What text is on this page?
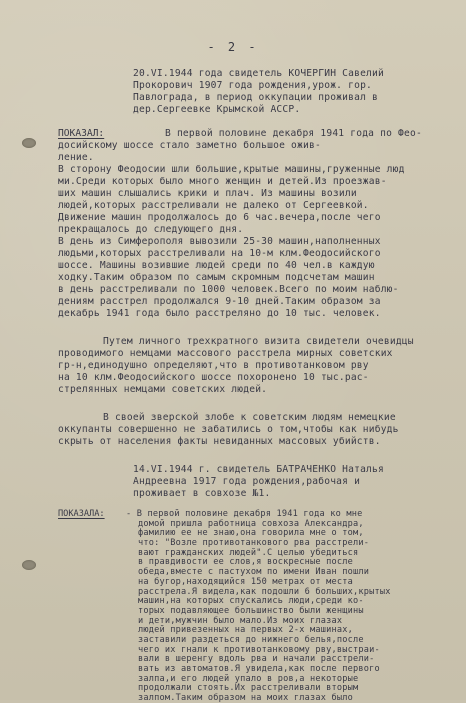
- 2 -
20.VI.1944 года свидетель КОЧЕРГИН Савелий
Прокорович 1907 года рождения,урож. гор.
Павлограда, в период оккупации проживал в
дер.Сергеевке Крымской АССР.
ПОКАЗАЛ:	В первой половине декабря 1941 года по Фео-
досийскому шоссе стало заметно большое ожив-
ление.
В сторону Феодосии шли большие,крытые машины,груженные люд
ми.Среди которых было много женщин и детей.Из проезжав-
ших машин слышались крики и плач. Из машины возили
людей,которых расстреливали не далеко от Сергеевкой.
Движение машин продолжалось до 6 час.вечера,после чего
прекращалось до следующего дня.
В день из Симферополя вывозили 25-30 машин,наполненных
людьми,которых расстреливали на 10-м клм.Феодосийского
шоссе. Машины возившие людей среди по 40 чел.в каждую
ходку.Таким образом по самым скромным подсчетам машин
в день расстреливали по 1000 человек.Всего по моим наблю-
дениям расстрел продолжался 9-10 дней.Таким образом за
декабрь 1941 года было расстреляно до 10 тыс. человек.
Путем личного трехкратного визита свидетели очевидцы
проводимого немцами массового расстрела мирных советских
гр-н,единодушно определяют,что в противотанковом рву
на 10 клм.Феодосийского шоссе похоронено 10 тыс.рас-
стрелянных немцами советских людей.
В своей зверской злобе к советским людям немецкие
оккупанты совершенно не забатились о том,чтобы как нибудь
скрыть от населения факты невиданных массовых убийств.
14.VI.1944 г. свидетель БАТРАЧЕНКО Наталья
Андреевна 1917 года рождения,рабочая и
проживает в совхозе №1.
ПОКАЗАЛА: - В первой половине декабря 1941 года ко мне
домой пришла работница совхоза Александра,
фамилию ее не знаю,она говорила мне о том,
что: "Возле противотанкового рва расстрели-
вают гражданских людей".С целью убедиться
в правдивости ее слов,я воскресные после
обеда,вместе с пастухом по имени Иван пошли
на бугор,находящийся 150 метрах от места
расстрела.Я видела,как подошли 6 больших,крытых
машин,на которых спускались люди,среди ко-
торых подавляющее большинство были женщины
и дети,мужчин было мало.Из моих глазах
людей привезенных на первых 2-х машинах,
заставили раздеться до нижнего белья,после
чего их гнали к противотанковому рву,выстраи-
вали в шеренгу вдоль рва и начали расстрели-
вать из автоматов.Я увидела,как после первого
залпа,и его людей упало в ров,а некоторые
продолжали стоять.Их расстреливали вторым
залпом.Таким образом на моих глазах было
